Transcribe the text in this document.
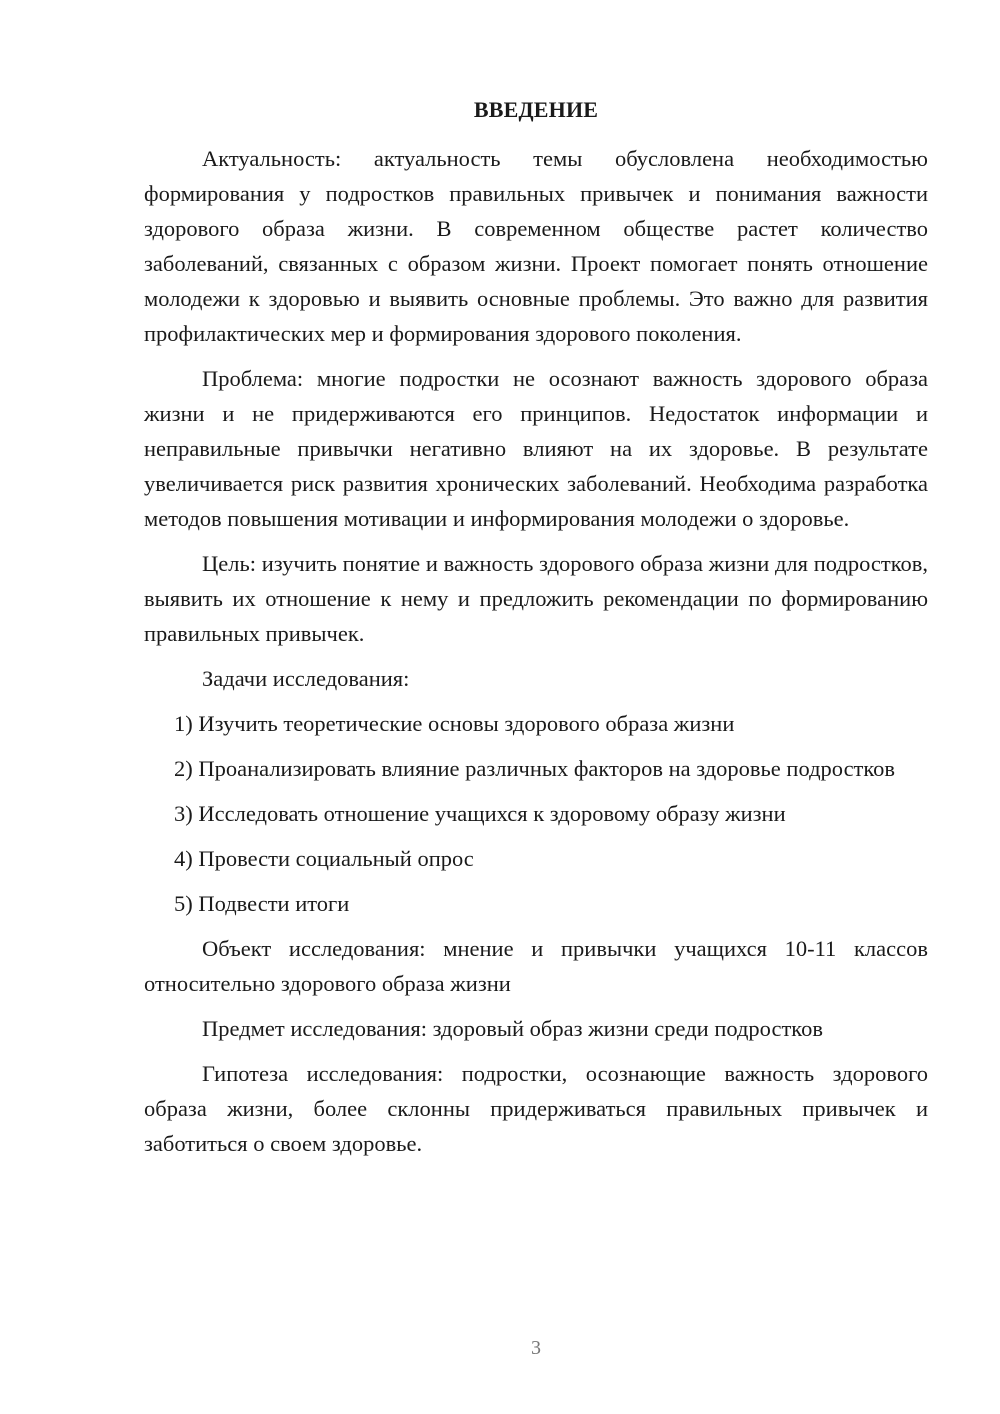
ВВЕДЕНИЕ

Актуальность: актуальность темы обусловлена необходимостью формирования у подростков правильных привычек и понимания важности здорового образа жизни. В современном обществе растет количество заболеваний, связанных с образом жизни. Проект помогает понять отношение молодежи к здоровью и выявить основные проблемы. Это важно для развития профилактических мер и формирования здорового поколения.

Проблема: многие подростки не осознают важность здорового образа жизни и не придерживаются его принципов. Недостаток информации и неправильные привычки негативно влияют на их здоровье. В результате увеличивается риск развития хронических заболеваний. Необходима разработка методов повышения мотивации и информирования молодежи о здоровье.

Цель: изучить понятие и важность здорового образа жизни для подростков, выявить их отношение к нему и предложить рекомендации по формированию правильных привычек.

Задачи исследования:

1) Изучить теоретические основы здорового образа жизни

2) Проанализировать влияние различных факторов на здоровье подростков

3) Исследовать отношение учащихся к здоровому образу жизни

4) Провести социальный опрос

5) Подвести итоги

Объект исследования: мнение и привычки учащихся 10-11 классов относительно здорового образа жизни

Предмет исследования: здоровый образ жизни среди подростков

Гипотеза исследования: подростки, осознающие важность здорового образа жизни, более склонны придерживаться правильных привычек и заботиться о своем здоровье.

3
